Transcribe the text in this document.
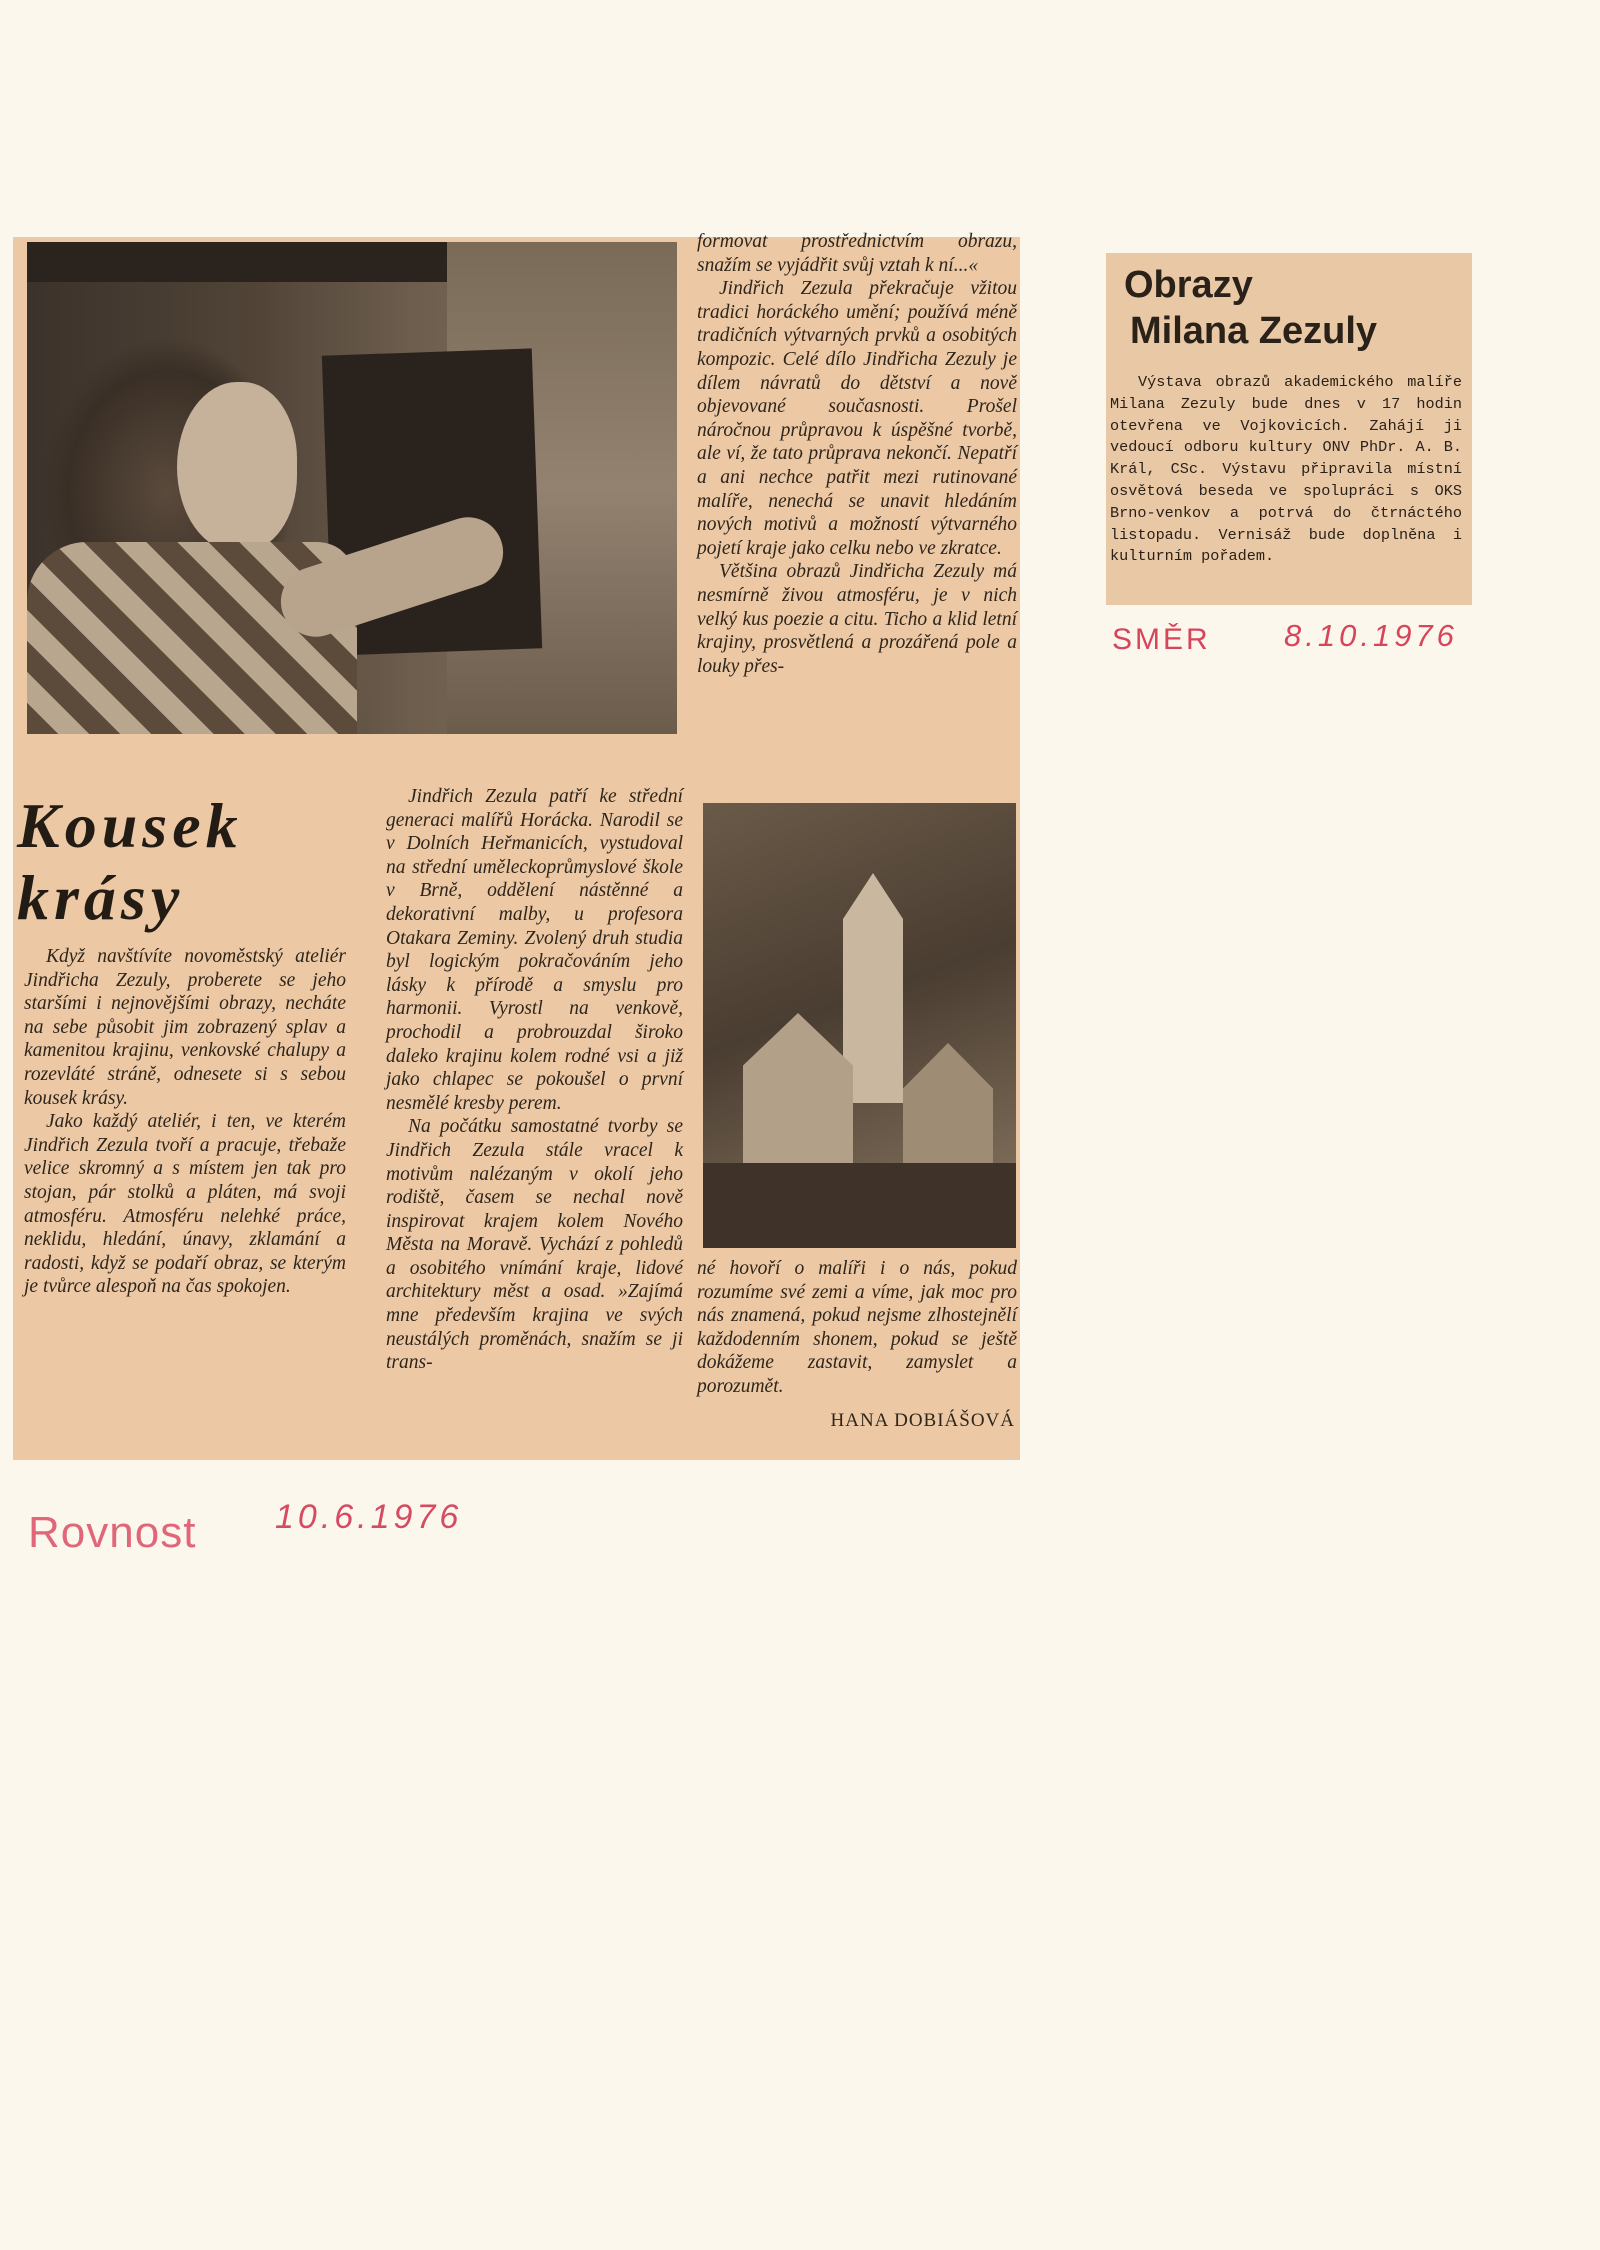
Kousek
krásy

Když navštívíte novoměstský ateliér Jindřicha Zezuly, proberete se jeho staršími i nejnovějšími obrazy, necháte na sebe působit jim zobrazený splav a kamenitou krajinu, venkovské chalupy a rozevláté stráně, odnesete si s sebou kousek krásy.

Jako každý ateliér, i ten, ve kterém Jindřich Zezula tvoří a pracuje, třebaže velice skromný a s místem jen tak pro stojan, pár stolků a pláten, má svoji atmosféru. Atmosféru nelehké práce, neklidu, hledání, únavy, zklamání a radosti, když se podaří obraz, se kterým je tvůrce alespoň na čas spokojen.

Jindřich Zezula patří ke střední generaci malířů Horácka. Narodil se v Dolních Heřmanicích, vystudoval na střední uměleckoprůmyslové škole v Brně, oddělení nástěnné a dekorativní malby, u profesora Otakara Zeminy. Zvolený druh studia byl logickým pokračováním jeho lásky k přírodě a smyslu pro harmonii. Vyrostl na venkově, prochodil a probrouzdal široko daleko krajinu kolem rodné vsi a již jako chlapec se pokoušel o první nesmělé kresby perem.

Na počátku samostatné tvorby se Jindřich Zezula stále vracel k motivům nalézaným v okolí jeho rodiště, časem se nechal nově inspirovat krajem kolem Nového Města na Moravě. Vychází z pohledů a osobitého vnímání kraje, lidové architektury měst a osad. »Zajímá mne především krajina ve svých neustálých proměnách, snažím se ji trans-

formovat prostřednictvím obrazu, snažím se vyjádřit svůj vztah k ní...«

Jindřich Zezula překračuje vžitou tradici horáckého umění; používá méně tradičních výtvarných prvků a osobitých kompozic. Celé dílo Jindřicha Zezuly je dílem návratů do dětství a nově objevované současnosti. Prošel náročnou průpravou k úspěšné tvorbě, ale ví, že tato průprava nekončí. Nepatří a ani nechce patřit mezi rutinované malíře, nenechá se unavit hledáním nových motivů a možností výtvarného pojetí kraje jako celku nebo ve zkratce.

Většina obrazů Jindřicha Zezuly má nesmírně živou atmosféru, je v nich velký kus poezie a citu. Ticho a klid letní krajiny, prosvětlená a prozářená pole a louky přes-

né hovoří o malíři i o nás, pokud rozumíme své zemi a víme, jak moc pro nás znamená, pokud nejsme zlhostejnělí každodenním shonem, pokud se ještě dokážeme zastavit, zamyslet a porozumět.

HANA DOBIÁŠOVÁ
Obrazy
Milana Zezuly

Výstava obrazů akademického malíře Milana Zezuly bude dnes v 17 hodin otevřena ve Vojkovicích. Zahájí ji vedoucí odboru kultury ONV PhDr. A. B. Král, CSc. Výstavu připravila místní osvětová beseda ve spolupráci s OKS Brno-venkov a potrvá do čtrnáctého listopadu. Vernisáž bude doplněna i kulturním pořadem.

SMĚR 8.10.1976
Rovnost 10.6.1976
